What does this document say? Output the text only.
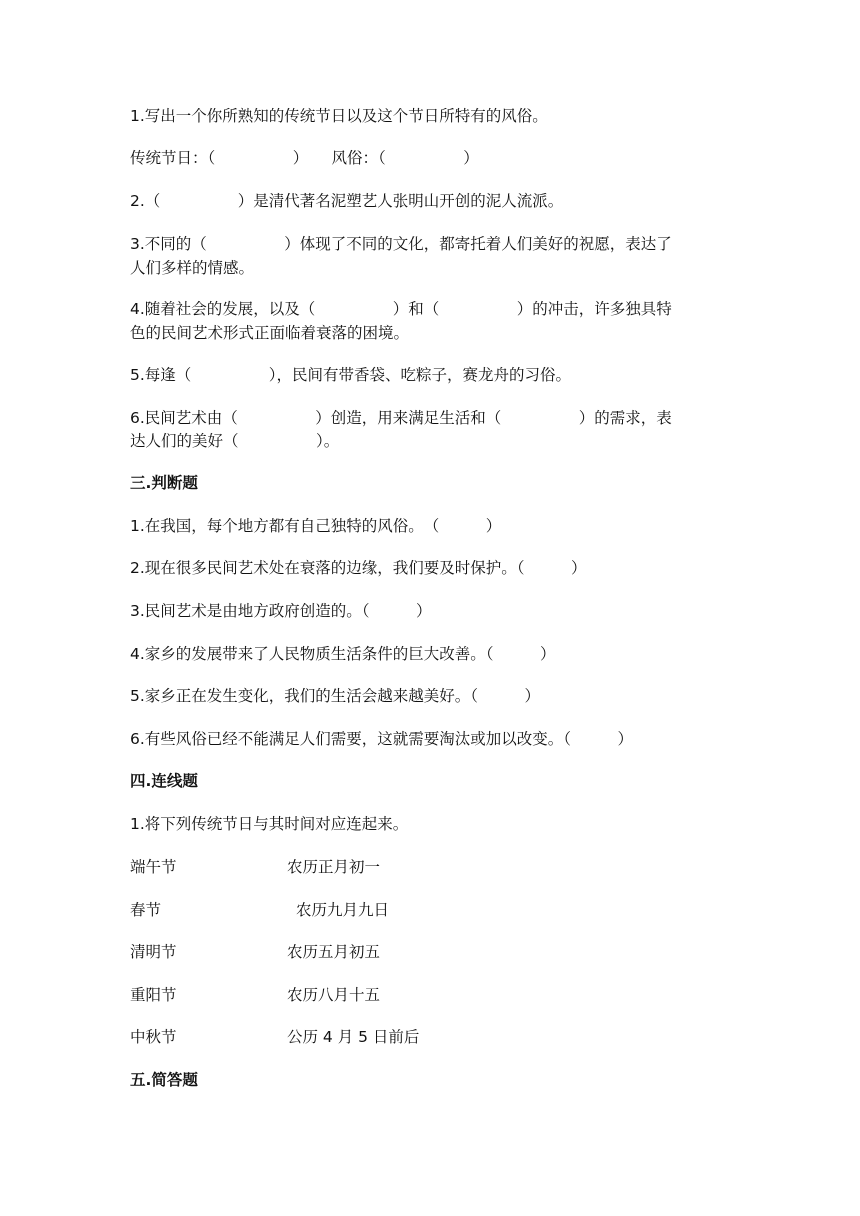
1.写出一个你所熟知的传统节日以及这个节日所特有的风俗。

传统节日：（　　　　　）　　风俗：（　　　　　）

2.（　　　　　）是清代著名泥塑艺人张明山开创的泥人流派。

3.不同的（　　　　　）体现了不同的文化，都寄托着人们美好的祝愿，表达了

人们多样的情感。

4.随着社会的发展，以及（　　　　　）和（　　　　　）的冲击，许多独具特

色的民间艺术形式正面临着衰落的困境。

5.每逢（　　　　　），民间有带香袋、吃粽子，赛龙舟的习俗。

6.民间艺术由（　　　　　）创造，用来满足生活和（　　　　　）的需求，表

达人们的美好（　　　　　）。

三.判断题

1.在我国，每个地方都有自己独特的风俗。　（　　　）

2.现在很多民间艺术处在衰落的边缘，我们要及时保护。（　　　）

3.民间艺术是由地方政府创造的。（　　　）

4.家乡的发展带来了人民物质生活条件的巨大改善。（　　　）

5.家乡正在发生变化，我们的生活会越来越美好。（　　　）

6.有些风俗已经不能满足人们需要，这就需要淘汰或加以改变。（　　　）

四.连线题

1.将下列传统节日与其时间对应连起来。

端午节	农历正月初一

春节	农历九月九日

清明节	农历五月初五

重阳节	农历八月十五

中秋节	公历 4 月 5 日前后

五.简答题
